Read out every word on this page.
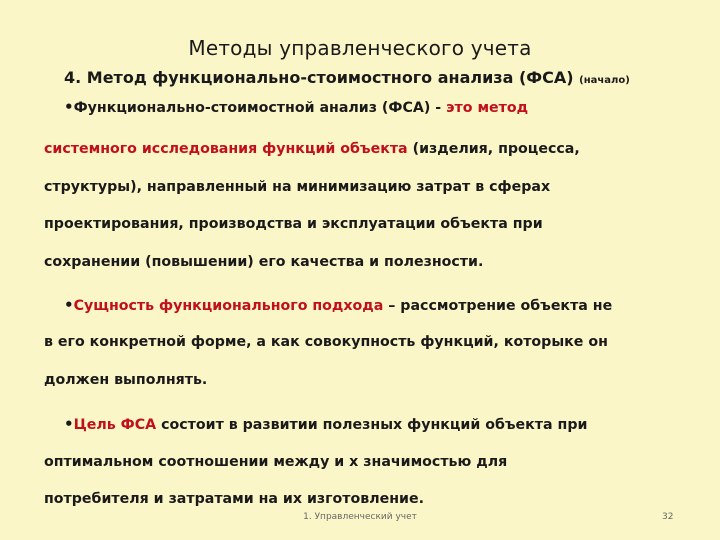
Методы управленческого учета
4. Метод функционально-стоимостного анализа (ФСА) (начало)
•Функционально-стоимостной анализ (ФСА) - это метод
системного исследования функций объекта (изделия, процесса,
структуры), направленный на минимизацию затрат в сферах
проектирования, производства и эксплуатации объекта при
сохранении (повышении) его качества и полезности.
•Сущность функционального подхода – рассмотрение объекта не
в его конкретной форме, а как совокупность функций, которыке он
должен выполнять.
•Цель ФСА состоит в развитии полезных функций объекта при
оптимальном соотношении между и х значимостью для
потребителя и затратами на их изготовление.
1. Управленческий учет	32
